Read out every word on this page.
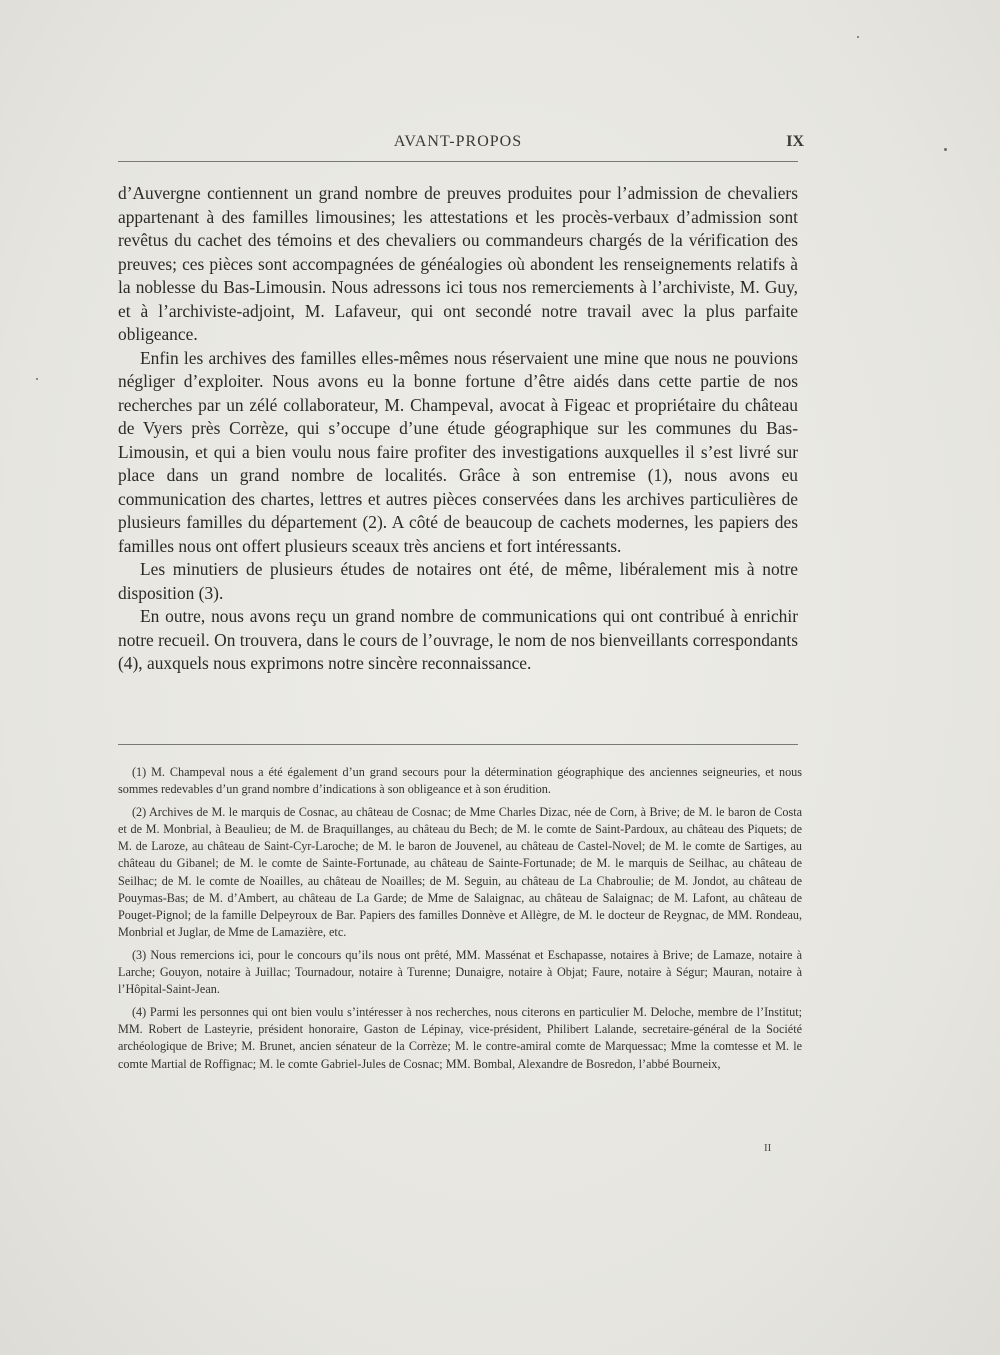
AVANT-PROPOS	IX

d’Auvergne contiennent un grand nombre de preuves produites pour l’admission de chevaliers appartenant à des familles limousines; les attestations et les procès-verbaux d’admission sont revêtus du cachet des témoins et des chevaliers ou commandeurs chargés de la vérification des preuves; ces pièces sont accompagnées de généalogies où abondent les renseignements relatifs à la noblesse du Bas-Limousin. Nous adressons ici tous nos remerciements à l’archiviste, M. Guy, et à l’archiviste-adjoint, M. Lafaveur, qui ont secondé notre travail avec la plus parfaite obligeance.

Enfin les archives des familles elles-mêmes nous réservaient une mine que nous ne pouvions négliger d’exploiter. Nous avons eu la bonne fortune d’être aidés dans cette partie de nos recherches par un zélé collaborateur, M. Champeval, avocat à Figeac et propriétaire du château de Vyers près Corrèze, qui s’occupe d’une étude géographique sur les communes du Bas-Limousin, et qui a bien voulu nous faire profiter des investigations auxquelles il s’est livré sur place dans un grand nombre de localités. Grâce à son entremise (1), nous avons eu communication des chartes, lettres et autres pièces conservées dans les archives particulières de plusieurs familles du département (2). A côté de beaucoup de cachets modernes, les papiers des familles nous ont offert plusieurs sceaux très anciens et fort intéressants.

Les minutiers de plusieurs études de notaires ont été, de même, libéralement mis à notre disposition (3).

En outre, nous avons reçu un grand nombre de communications qui ont contribué à enrichir notre recueil. On trouvera, dans le cours de l’ouvrage, le nom de nos bienveillants correspondants (4), auxquels nous exprimons notre sincère reconnaissance.

(1) M. Champeval nous a été également d’un grand secours pour la détermination géographique des anciennes seigneuries, et nous sommes redevables d’un grand nombre d’indications à son obligeance et à son érudition.

(2) Archives de M. le marquis de Cosnac, au château de Cosnac; de Mme Charles Dizac, née de Corn, à Brive; de M. le baron de Costa et de M. Monbrial, à Beaulieu; de M. de Braquillanges, au château du Bech; de M. le comte de Saint-Pardoux, au château des Piquets; de M. de Laroze, au château de Saint-Cyr-Laroche; de M. le baron de Jouvenel, au château de Castel-Novel; de M. le comte de Sartiges, au château du Gibanel; de M. le comte de Sainte-Fortunade, au château de Sainte-Fortunade; de M. le marquis de Seilhac, au château de Seilhac; de M. le comte de Noailles, au château de Noailles; de M. Seguin, au château de La Chabroulie; de M. Jondot, au château de Pouymas-Bas; de M. d’Ambert, au château de La Garde; de Mme de Salaignac, au château de Salaignac; de M. Lafont, au château de Pouget-Pignol; de la famille Delpeyroux de Bar. Papiers des familles Donnève et Allègre, de M. le docteur de Reygnac, de MM. Rondeau, Monbrial et Juglar, de Mme de Lamazière, etc.

(3) Nous remercions ici, pour le concours qu’ils nous ont prêté, MM. Massénat et Eschapasse, notaires à Brive; de Lamaze, notaire à Larche; Gouyon, notaire à Juillac; Tournadour, notaire à Turenne; Dunaigre, notaire à Objat; Faure, notaire à Ségur; Mauran, notaire à l’Hôpital-Saint-Jean.

(4) Parmi les personnes qui ont bien voulu s’intéresser à nos recherches, nous citerons en particulier M. Deloche, membre de l’Institut; MM. Robert de Lasteyrie, président honoraire, Gaston de Lépinay, vice-président, Philibert Lalande, secretaire-général de la Société archéologique de Brive; M. Brunet, ancien sénateur de la Corrèze; M. le contre-amiral comte de Marquessac; Mme la comtesse et M. le comte Martial de Roffignac; M. le comte Gabriel-Jules de Cosnac; MM. Bombal, Alexandre de Bosredon, l’abbé Bourneix,

II
